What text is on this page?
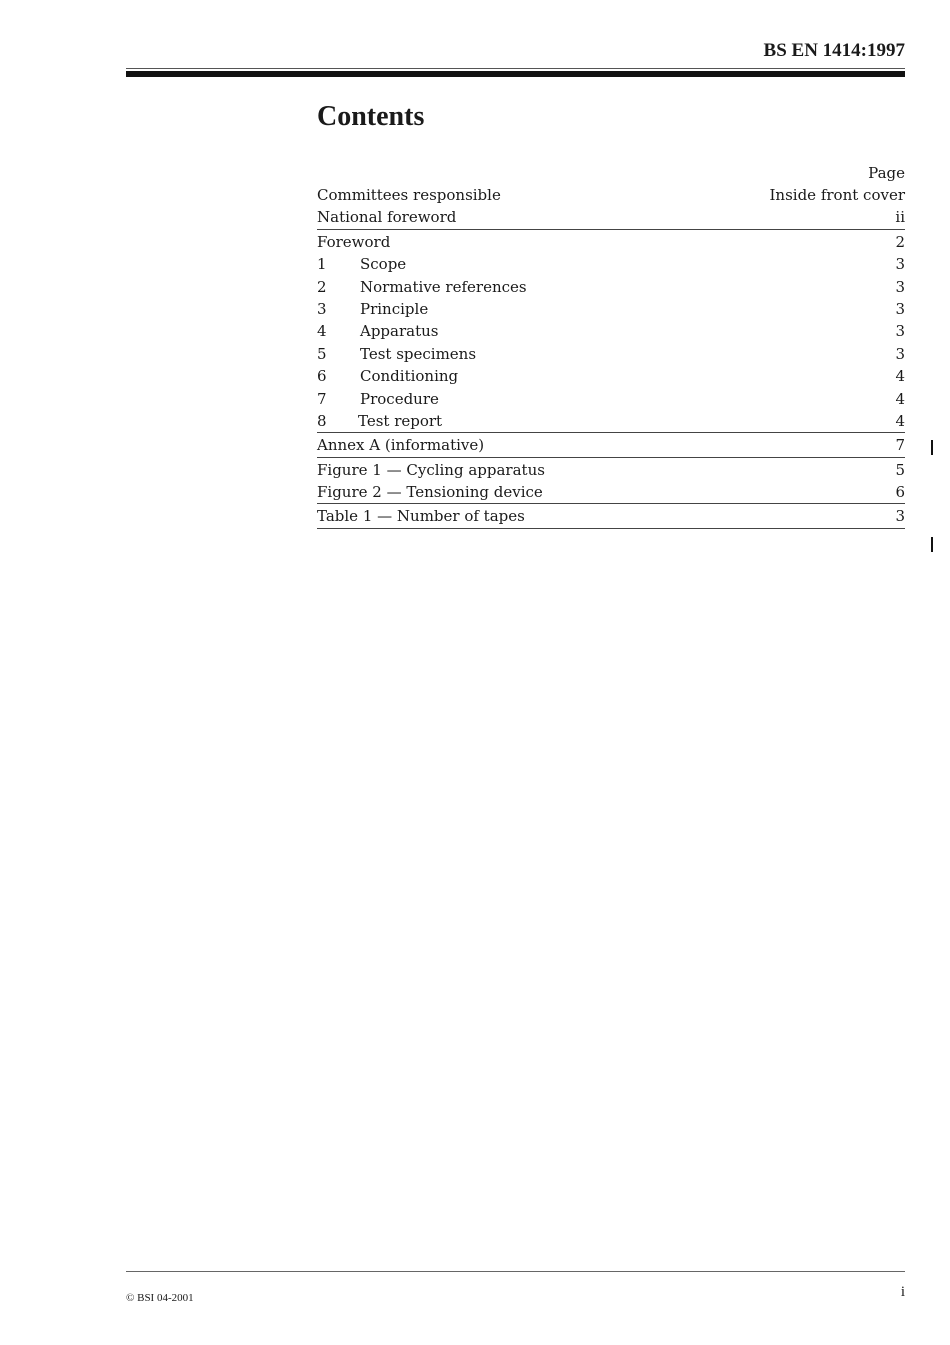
BS EN 1414:1997
Contents
Page
Committees responsible	Inside front cover
National foreword	ii
Foreword	2
1	Scope	3
2	Normative references	3
3	Principle	3
4	Apparatus	3
5	Test specimens	3
6	Conditioning	4
7	Procedure	4
8	Test report	4
Annex A (informative)	7
Figure 1 — Cycling apparatus	5
Figure 2 — Tensioning device	6
Table 1 — Number of tapes	3
© BSI 04-2001	i
